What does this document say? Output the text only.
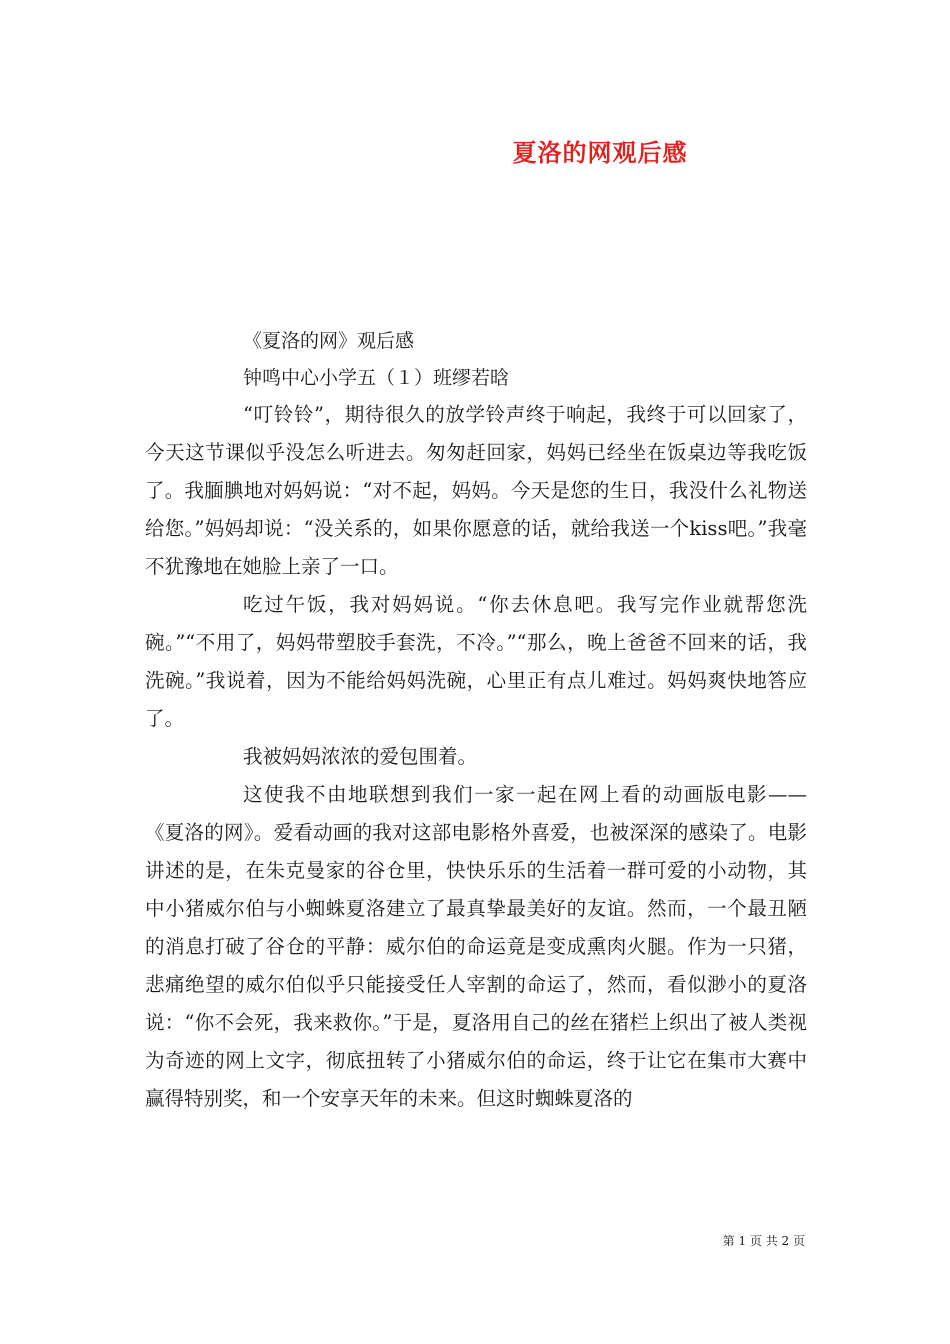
夏洛的网观后感
《夏洛的网》观后感
钟鸣中心小学五（１）班缪若晗

“叮铃铃”，期待很久的放学铃声终于响起，我终于可以回家了，今天这节课似乎没怎么听进去。匆匆赶回家，妈妈已经坐在饭桌边等我吃饭了。我腼腆地对妈妈说：“对不起，妈妈。今天是您的生日，我没什么礼物送给您。”妈妈却说：“没关系的，如果你愿意的话，就给我送一个kiss吧。”我毫不犹豫地在她脸上亲了一口。

吃过午饭，我对妈妈说。“你去休息吧。我写完作业就帮您洗碗。”“不用了，妈妈带塑胶手套洗，不冷。”“那么，晚上爸爸不回来的话，我洗碗。”我说着，因为不能给妈妈洗碗，心里正有点儿难过。妈妈爽快地答应了。

我被妈妈浓浓的爱包围着。

这使我不由地联想到我们一家一起在网上看的动画版电影——《夏洛的网》。爱看动画的我对这部电影格外喜爱，也被深深的感染了。电影讲述的是，在朱克曼家的谷仓里，快快乐乐的生活着一群可爱的小动物，其中小猪威尔伯与小蜘蛛夏洛建立了最真挚最美好的友谊。然而，一个最丑陋的消息打破了谷仓的平静：威尔伯的命运竟是变成熏肉火腿。作为一只猪，悲痛绝望的威尔伯似乎只能接受任人宰割的命运了，然而，看似渺小的夏洛说：“你不会死，我来救你。”于是，夏洛用自己的丝在猪栏上织出了被人类视为奇迹的网上文字，彻底扭转了小猪威尔伯的命运，终于让它在集市大赛中赢得特别奖，和一个安享天年的未来。但这时蜘蛛夏洛的

第 1 页 共 2 页
